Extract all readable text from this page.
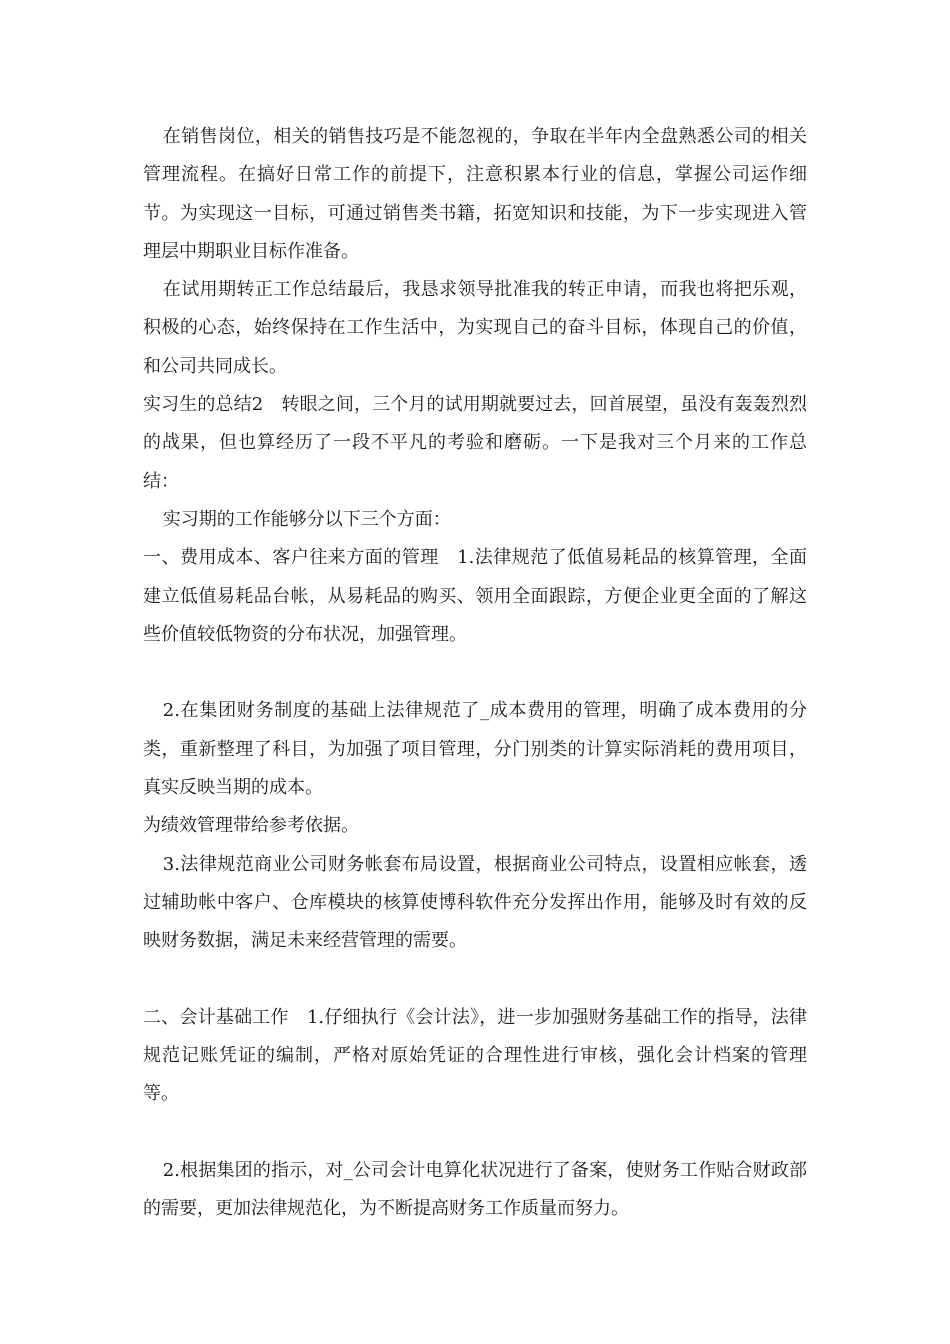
在销售岗位，相关的销售技巧是不能忽视的，争取在半年内全盘熟悉公司的相关管理流程。在搞好日常工作的前提下，注意积累本行业的信息，掌握公司运作细节。为实现这一目标，可通过销售类书籍，拓宽知识和技能，为下一步实现进入管理层中期职业目标作准备。

在试用期转正工作总结最后，我恳求领导批准我的转正申请，而我也将把乐观，积极的心态，始终保持在工作生活中，为实现自己的奋斗目标，体现自己的价值，和公司共同成长。

实习生的总结2　转眼之间，三个月的试用期就要过去，回首展望，虽没有轰轰烈烈的战果，但也算经历了一段不平凡的考验和磨砺。一下是我对三个月来的工作总结：

实习期的工作能够分以下三个方面：

一、费用成本、客户往来方面的管理　1.法律规范了低值易耗品的核算管理，全面建立低值易耗品台帐，从易耗品的购买、领用全面跟踪，方便企业更全面的了解这些价值较低物资的分布状况，加强管理。

2.在集团财务制度的基础上法律规范了_成本费用的管理，明确了成本费用的分类，重新整理了科目，为加强了项目管理，分门别类的计算实际消耗的费用项目，真实反映当期的成本。

为绩效管理带给参考依据。

3.法律规范商业公司财务帐套布局设置，根据商业公司特点，设置相应帐套，透过辅助帐中客户、仓库模块的核算使博科软件充分发挥出作用，能够及时有效的反映财务数据，满足未来经营管理的需要。

二、会计基础工作　1.仔细执行《会计法》，进一步加强财务基础工作的指导，法律规范记账凭证的编制，严格对原始凭证的合理性进行审核，强化会计档案的管理等。

2.根据集团的指示，对_公司会计电算化状况进行了备案，使财务工作贴合财政部的需要，更加法律规范化，为不断提高财务工作质量而努力。
